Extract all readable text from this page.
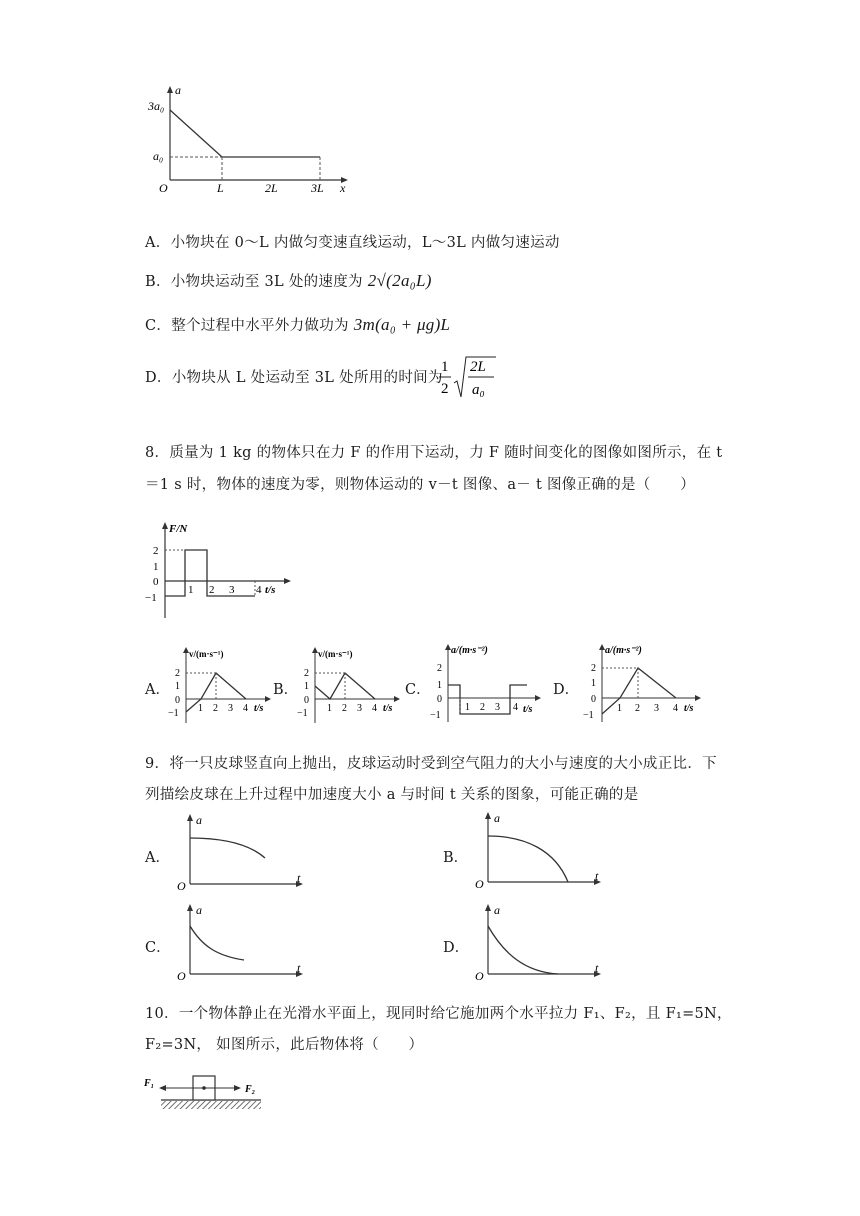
a
3a₀
a₀
O	L	2L	3L x
A．小物块在 0～L 内做匀变速直线运动，L～3L 内做匀速运动
B．小物块运动至 3L 处的速度为 2√(2a₀L)
C．整个过程中水平外力做功为 3m(a₀ + μg)L
D．小物块从 L 处运动至 3L 处所用的时间为
1
2
2L
a₀
8．质量为 1 kg 的物体只在力 F 的作用下运动，力 F 随时间变化的图像如图所示，在 t
＝1 s 时，物体的速度为零，则物体运动的 v－t 图像、a－ t 图像正确的是（　　）
F/N
2
1
0
−1
1 2 3 4 t/s
A．
v/(m·s⁻¹)
2
1
0
−1 1 2 3 4 t/s
B．
v/(m·s⁻¹)
2
1
0
−1 1 2 3 4 t/s
C．
a/(m·s⁻²)
2
1
0
−1
1 2 3 4 t/s
D．
a/(m·s⁻²)
2
1
0
−1
1 2 3 4 t/s
9．将一只皮球竖直向上抛出，皮球运动时受到空气阻力的大小与速度的大小成正比．下
列描绘皮球在上升过程中加速度大小 a 与时间 t 关系的图象，可能正确的是
A．
a
t
O
B．
a
t
O
C．
a
t
O
D．
a
t
O
10．一个物体静止在光滑水平面上，现同时给它施加两个水平拉力 F₁、F₂，且 F₁=5N，
F₂=3N， 如图所示，此后物体将（　　）
F₁
F₂
